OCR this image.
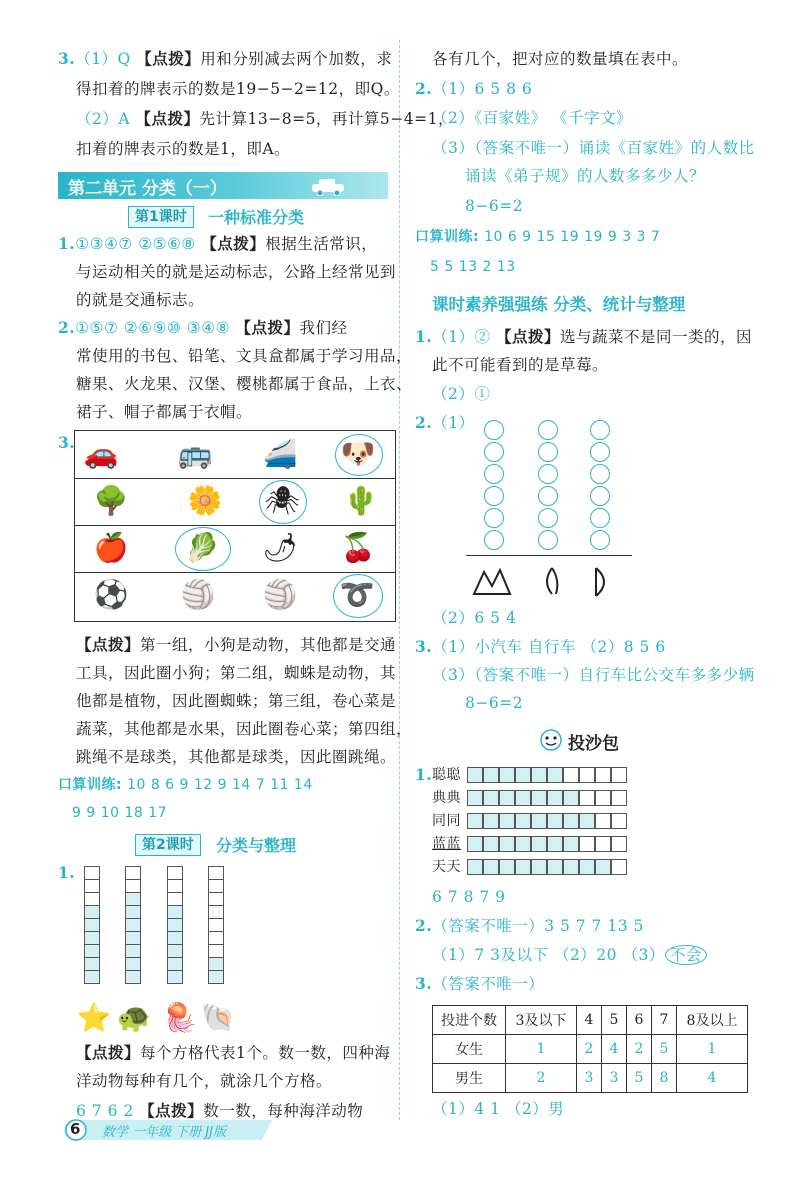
3.（1）Q 【点拨】用和分别减去两个加数，求
得扣着的牌表示的数是19−5−2=12，即Q。
（2）A 【点拨】先计算13−8=5，再计算5−4=1，
扣着的牌表示的数是1，即A。
第二单元 分类（一）
第1课时	一种标准分类
1.①③④⑦ ②⑤⑥⑧ 【点拨】根据生活常识，
与运动相关的就是运动标志，公路上经常见到
的就是交通标志。
2.①⑤⑦ ②⑥⑨⑩ ③④⑧ 【点拨】我们经
常使用的书包、铅笔、文具盒都属于学习用品，
糖果、火龙果、汉堡、樱桃都属于食品，上衣、
裙子、帽子都属于衣帽。
3. 🚗 🚌 🚄 🐶
🌳 🌼 🕷 🌵
🍎 🥬 🌶 🍒
⚽ 🏐 🏐 ➰
【点拨】第一组，小狗是动物，其他都是交通
工具，因此圈小狗；第二组，蜘蛛是动物，其
他都是植物，因此圈蜘蛛；第三组，卷心菜是
蔬菜，其他都是水果，因此圈卷心菜；第四组，
跳绳不是球类，其他都是球类，因此圈跳绳。
口算训练: 10 8 6 9 12 9 14 7 11 14
9 9 10 18 17
第2课时	分类与整理
1.
⭐ 🐢 🪼 🐚
【点拨】每个方格代表1个。数一数，四种海
洋动物每种有几个，就涂几个方格。
6 7 6 2 【点拨】数一数，每种海洋动物
6 数学 一年级 下册 JJ版
各有几个，把对应的数量填在表中。
2.（1）6 5 8 6
（2）《百家姓》 《千字文》
（3）（答案不唯一）诵读《百家姓》的人数比
诵读《弟子规》的人数多多少人？
8−6=2
口算训练: 10 6 9 15 19 19 9 3 3 7
5 5 13 2 13
课时素养强强练 分类、统计与整理
1.（1）② 【点拨】选与蔬菜不是同一类的，因
此不可能看到的是草莓。
（2）①
2.（1）
（2）6 5 4
3.（1）小汽车 自行车 （2）8 5 6
（3）（答案不唯一）自行车比公交车多多少辆
8−6=2
投沙包
1. 聪聪
典典
同同
蓝蓝
天天
6 7 8 7 9
2.（答案不唯一）3 5 7 7 13 5
（1）7 3及以下 （2）20 （3） 不会
3.（答案不唯一）
投进个数	3及以下	4	5	6	7	8及以上
女生	1	2	4	2	5	1
男生	2	3	3	5	8	4
（1）4 1 （2）男
